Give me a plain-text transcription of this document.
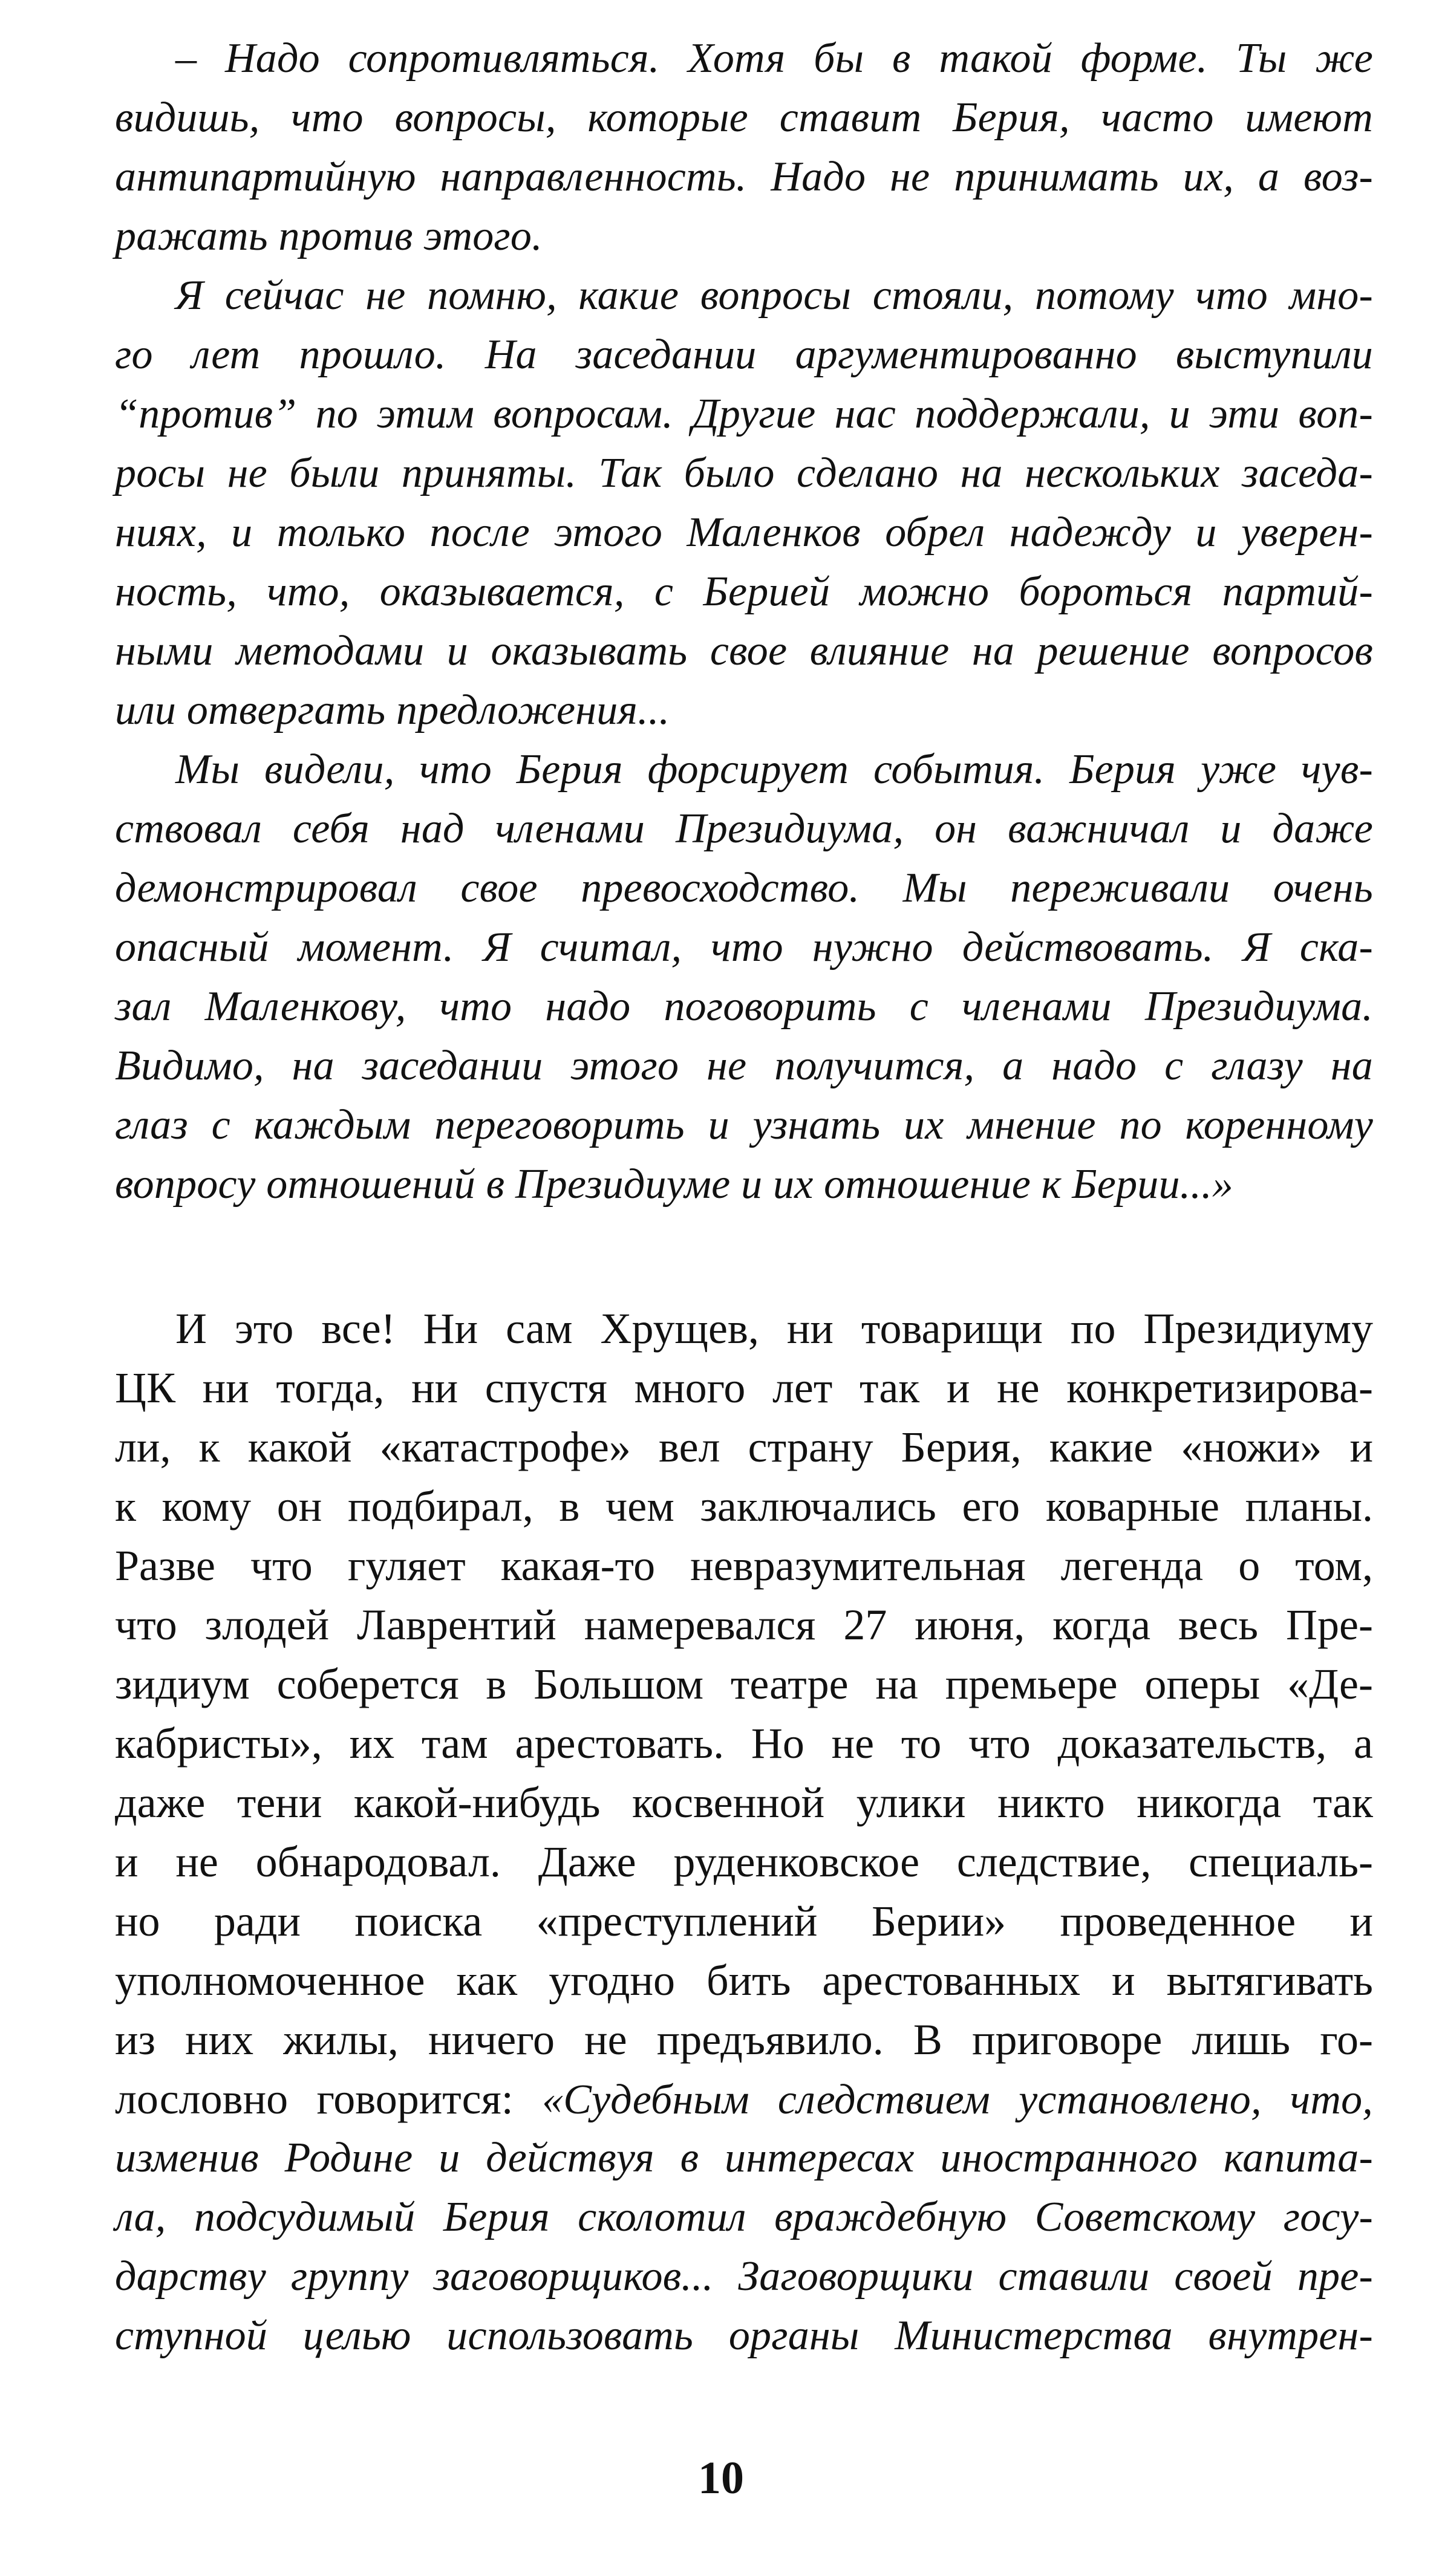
– Надо сопротивляться. Хотя бы в такой форме. Ты же
видишь, что вопросы, которые ставит Берия, часто имеют
антипартийную направленность. Надо не принимать их, а воз-
ражать против этого.
Я сейчас не помню, какие вопросы стояли, потому что мно-
го лет прошло. На заседании аргументированно выступили
“против” по этим вопросам. Другие нас поддержали, и эти воп-
росы не были приняты. Так было сделано на нескольких заседа-
ниях, и только после этого Маленков обрел надежду и уверен-
ность, что, оказывается, с Берией можно бороться партий-
ными методами и оказывать свое влияние на решение вопросов
или отвергать предложения...
Мы видели, что Берия форсирует события. Берия уже чув-
ствовал себя над членами Президиума, он важничал и даже
демонстрировал свое превосходство. Мы переживали очень
опасный момент. Я считал, что нужно действовать. Я ска-
зал Маленкову, что надо поговорить с членами Президиума.
Видимо, на заседании этого не получится, а надо с глазу на
глаз с каждым переговорить и узнать их мнение по коренному
вопросу отношений в Президиуме и их отношение к Берии...»
И это все! Ни сам Хрущев, ни товарищи по Президиуму
ЦК ни тогда, ни спустя много лет так и не конкретизирова-
ли, к какой «катастрофе» вел страну Берия, какие «ножи» и
к кому он подбирал, в чем заключались его коварные планы.
Разве что гуляет какая-то невразумительная легенда о том,
что злодей Лаврентий намеревался 27 июня, когда весь Пре-
зидиум соберется в Большом театре на премьере оперы «Де-
кабристы», их там арестовать. Но не то что доказательств, а
даже тени какой-нибудь косвенной улики никто никогда так
и не обнародовал. Даже руденковское следствие, специаль-
но ради поиска «преступлений Берии» проведенное и
уполномоченное как угодно бить арестованных и вытягивать
из них жилы, ничего не предъявило. В приговоре лишь го-
лословно говорится: «Судебным следствием установлено, что,
изменив Родине и действуя в интересах иностранного капита-
ла, подсудимый Берия сколотил враждебную Советскому госу-
дарству группу заговорщиков... Заговорщики ставили своей пре-
ступной целью использовать органы Министерства внутрен-
10
